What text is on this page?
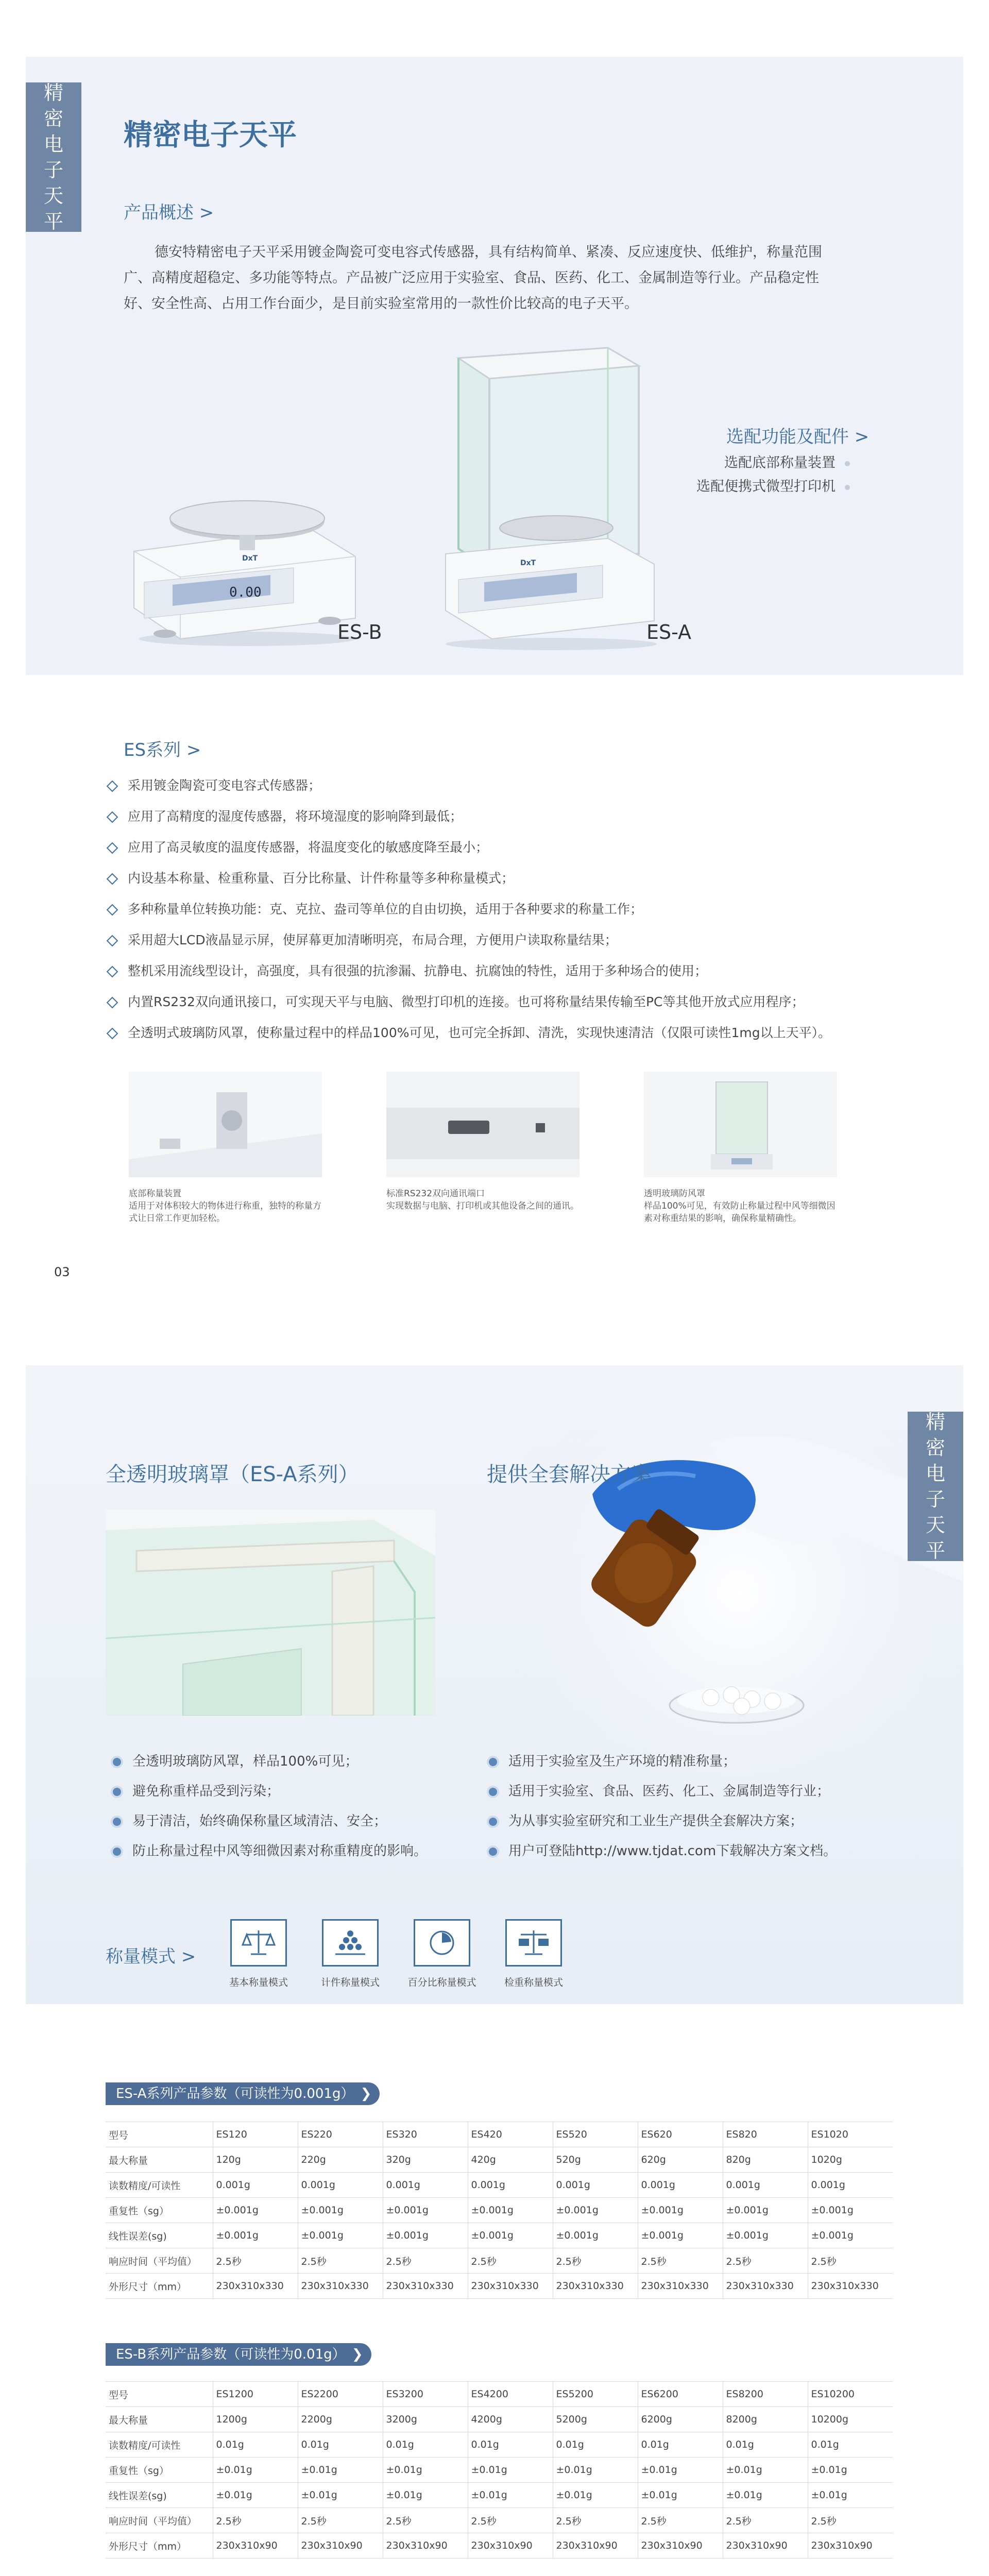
精
密
电
子
天
平
精密电子天平
产品概述 >
德安特精密电子天平采用镀金陶瓷可变电容式传感器，具有结构简单、紧凑、反应速度快、低维护，称量范围广、高精度超稳定、多功能等特点。产品被广泛应用于实验室、食品、医药、化工、金属制造等行业。产品稳定性好、安全性高、占用工作台面少，是目前实验室常用的一款性价比较高的电子天平。
0.00
DxT
ES-B
DxT
ES-A
选配功能及配件 >
选配底部称量装置
选配便携式微型打印机
ES系列 >
采用镀金陶瓷可变电容式传感器；
应用了高精度的湿度传感器，将环境湿度的影响降到最低；
应用了高灵敏度的温度传感器，将温度变化的敏感度降至最小；
内设基本称量、检重称量、百分比称量、计件称量等多种称量模式；
多种称量单位转换功能：克、克拉、盎司等单位的自由切换，适用于各种要求的称量工作；
采用超大LCD液晶显示屏，使屏幕更加清晰明亮，布局合理，方便用户读取称量结果；
整机采用流线型设计，高强度，具有很强的抗渗漏、抗静电、抗腐蚀的特性，适用于多种场合的使用；
内置RS232双向通讯接口，可实现天平与电脑、微型打印机的连接。也可将称量结果传输至PC等其他开放式应用程序；
全透明式玻璃防风罩，使称量过程中的样品100%可见，也可完全拆卸、清洗，实现快速清洁（仅限可读性1mg以上天平）。
底部称量装置
适用于对体积较大的物体进行称重，独特的称量方式让日常工作更加轻松。
标准RS232双向通讯端口
实现数据与电脑、打印机或其他设备之间的通讯。
透明玻璃防风罩
样品100%可见，有效防止称量过程中风等细微因素对称重结果的影响，确保称量精确性。
03
精
密
电
子
天
平
全透明玻璃罩（ES-A系列）	提供全套解决方案
全透明玻璃防风罩，样品100%可见；
避免称重样品受到污染；
易于清洁，始终确保称量区域清洁、安全；
防止称量过程中风等细微因素对称重精度的影响。
适用于实验室及生产环境的精准称量；
适用于实验室、食品、医药、化工、金属制造等行业；
为从事实验室研究和工业生产提供全套解决方案；
用户可登陆http://www.tjdat.com下载解决方案文档。
称量模式 >
基本称量模式	计件称量模式	百分比称量模式	检重称量模式
ES-A系列产品参数（可读性为0.001g） ❯
型号	ES120	ES220	ES320	ES420	ES520	ES620	ES820	ES1020
最大称量	120g	220g	320g	420g	520g	620g	820g	1020g
读数精度/可读性	0.001g	0.001g	0.001g	0.001g	0.001g	0.001g	0.001g	0.001g
重复性（sg）	±0.001g	±0.001g	±0.001g	±0.001g	±0.001g	±0.001g	±0.001g	±0.001g
线性误差(sg)	±0.001g	±0.001g	±0.001g	±0.001g	±0.001g	±0.001g	±0.001g	±0.001g
响应时间（平均值）	2.5秒	2.5秒	2.5秒	2.5秒	2.5秒	2.5秒	2.5秒	2.5秒
外形尺寸（mm）	230x310x330	230x310x330	230x310x330	230x310x330	230x310x330	230x310x330	230x310x330	230x310x330
ES-B系列产品参数（可读性为0.01g） ❯
型号	ES1200	ES2200	ES3200	ES4200	ES5200	ES6200	ES8200	ES10200
最大称量	1200g	2200g	3200g	4200g	5200g	6200g	8200g	10200g
读数精度/可读性	0.01g	0.01g	0.01g	0.01g	0.01g	0.01g	0.01g	0.01g
重复性（sg）	±0.01g	±0.01g	±0.01g	±0.01g	±0.01g	±0.01g	±0.01g	±0.01g
线性误差(sg)	±0.01g	±0.01g	±0.01g	±0.01g	±0.01g	±0.01g	±0.01g	±0.01g
响应时间（平均值）	2.5秒	2.5秒	2.5秒	2.5秒	2.5秒	2.5秒	2.5秒	2.5秒
外形尺寸（mm）	230x310x90	230x310x90	230x310x90	230x310x90	230x310x90	230x310x90	230x310x90	230x310x90
